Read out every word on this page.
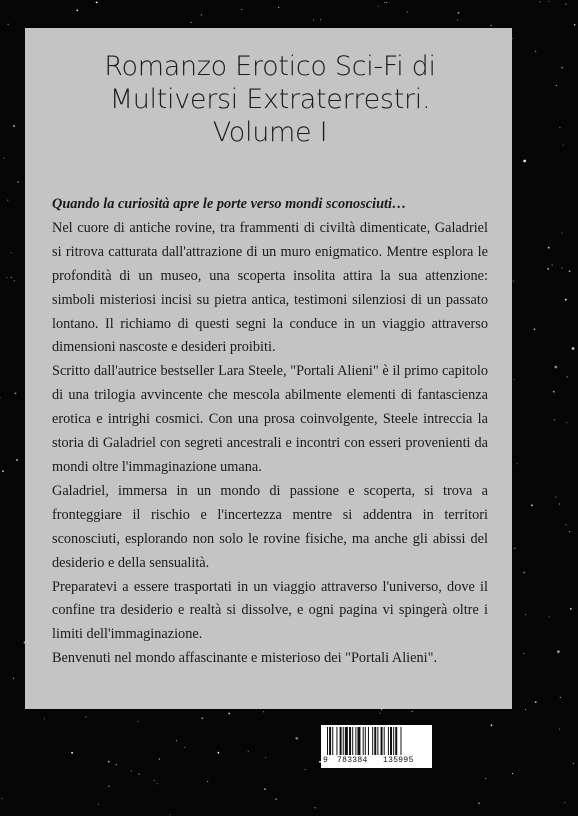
Romanzo Erotico Sci-Fi di
Multiversi Extraterrestri.
Volume I

Quando la curiosità apre le porte verso mondi sconosciuti…

Nel cuore di antiche rovine, tra frammenti di civiltà dimenticate, Galadriel si ritrova catturata dall'attrazione di un muro enigmatico. Mentre esplora le profondità di un museo, una scoperta insolita attira la sua attenzione: simboli misteriosi incisi su pietra antica, testimoni silenziosi di un passato lontano. Il richiamo di questi segni la conduce in un viaggio attraverso dimensioni nascoste e desideri proibiti.

Scritto dall'autrice bestseller Lara Steele, "Portali Alieni" è il primo capitolo di una trilogia avvincente che mescola abilmente elementi di fantascienza erotica e intrighi cosmici. Con una prosa coinvolgente, Steele intreccia la storia di Galadriel con segreti ancestrali e incontri con esseri provenienti da mondi oltre l'immaginazione umana.

Galadriel, immersa in un mondo di passione e scoperta, si trova a fronteggiare il rischio e l'incertezza mentre si addentra in territori sconosciuti, esplorando non solo le rovine fisiche, ma anche gli abissi del desiderio e della sensualità.

Preparatevi a essere trasportati in un viaggio attraverso l'universo, dove il confine tra desiderio e realtà si dissolve, e ogni pagina vi spingerà oltre i limiti dell'immaginazione.

Benvenuti nel mondo affascinante e misterioso dei "Portali Alieni".

9 783384 135995
